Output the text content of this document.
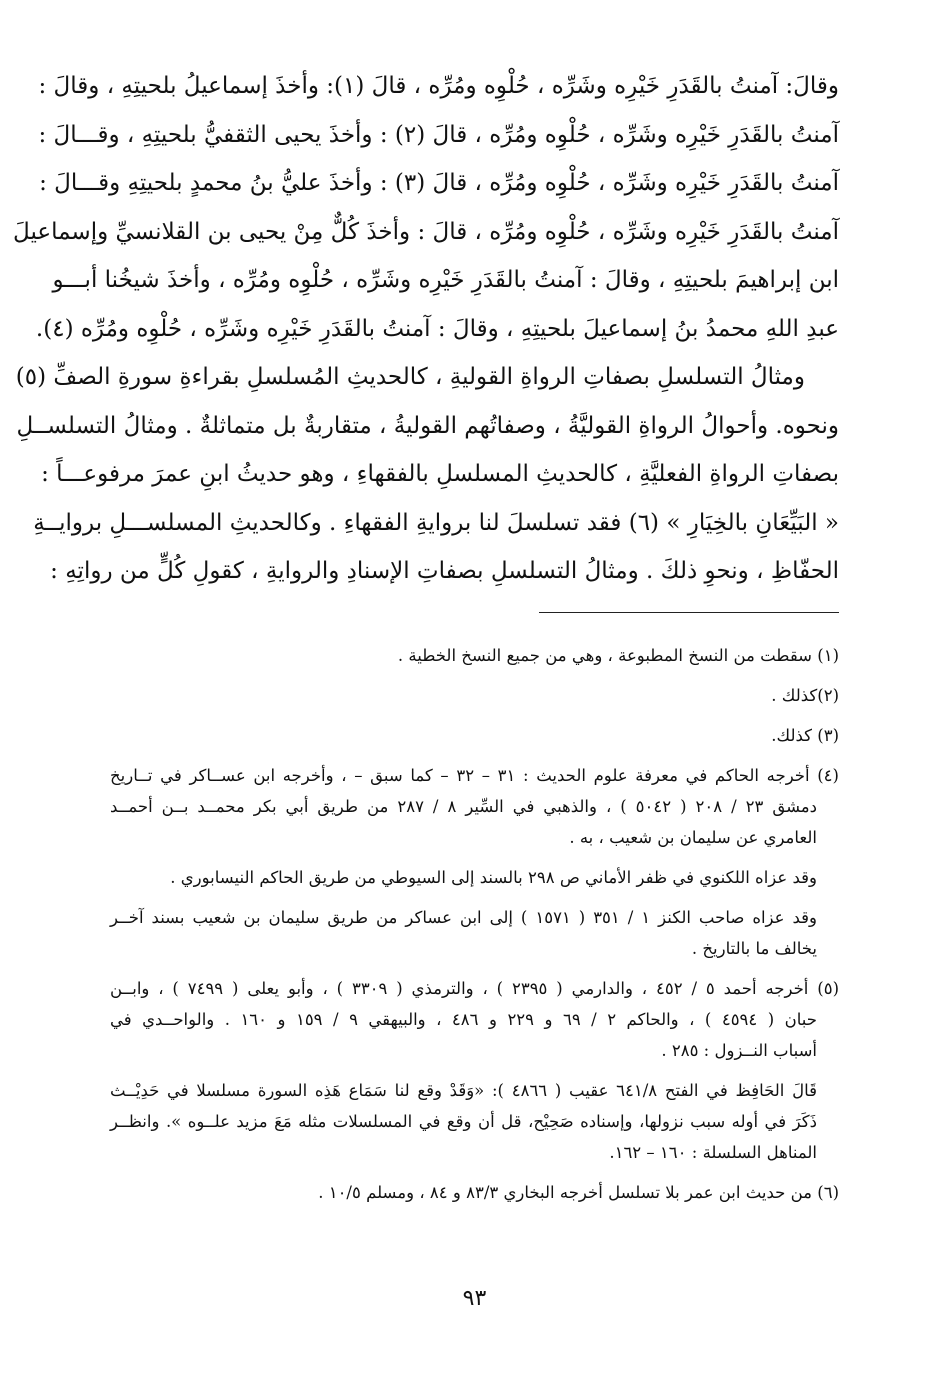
وقالَ: آمنتُ بالقَدَرِ خَيْرِه وشَرِّه ، حُلْوِه ومُرِّه ، قالَ (١): وأخذَ إسماعيلُ بلحيتِهِ ، وقالَ :
آمنتُ بالقَدَرِ خَيْرِه وشَرِّه ، حُلْوِه ومُرِّه ، قالَ (٢) : وأخذَ يحيى الثقفيُّ بلحيتِهِ ، وقـــالَ :
آمنتُ بالقَدَرِ خَيْرِه وشَرِّه ، حُلْوِه ومُرِّه ، قالَ (٣) : وأخذَ عليُّ بنُ محمدٍ بلحيتِهِ وقـــالَ :
آمنتُ بالقَدَرِ خَيْرِه وشَرِّه ، حُلْوِه ومُرِّه ، قالَ : وأخذَ كُلٌّ مِنْ يحيى بن القلانسيِّ وإسماعيلَ
ابن إبراهيمَ بلحيتِهِ ، وقالَ : آمنتُ بالقَدَرِ خَيْرِه وشَرِّه ، حُلْوِه ومُرِّه ، وأخذَ شيخُنا أبـــو
عبدِ اللهِ محمدُ بنُ إسماعيلَ بلحيتِهِ ، وقالَ : آمنتُ بالقَدَرِ خَيْرِه وشَرِّه ، حُلْوِه ومُرِّه (٤).
ومثالُ التسلسلِ بصفاتِ الرواةِ القوليةِ ، كالحديثِ المُسلسلِ بقراءةِ سورةِ الصفِّ (٥)
ونحوه. وأحوالُ الرواةِ القوليَّةُ ، وصفاتُهم القوليةُ ، متقاربةٌ بل متماثلةٌ . ومثالُ التسلســلِ
بصفاتِ الرواةِ الفعليَّةِ ، كالحديثِ المسلسلِ بالفقهاءِ ، وهو حديثُ ابنِ عمرَ مرفوعـــاً :
« البَيِّعَانِ بالخِيَارِ » (٦) فقد تسلسلَ لنا بروايةِ الفقهاءِ . وكالحديثِ المسلســـلِ بروايــةِ
الحفّاظِ ، ونحوِ ذلكَ . ومثالُ التسلسلِ بصفاتِ الإسنادِ والروايةِ ، كقولِ كُلٍّ من رواتِهِ :
(١) سقطت من النسخ المطبوعة ، وهي من جميع النسخ الخطية .
(٢)كذلك .
(٣) كذلك.
(٤) أخرجه الحاكم في معرفة علوم الحديث : ٣١ – ٣٢ – كما سبق – ، وأخرجه ابن عســاكر في تــاريخ
دمشق ٢٣ / ٢٠٨ ( ٥٠٤٢ ) ، والذهبي في السِّير ٨ / ٢٨٧ من طريق أبي بكر محمــد بــن أحمــد
العامري عن سليمان بن شعيب ، به .
وقد عزاه اللكنوي في ظفر الأماني ص ٢٩٨ بالسند إلى السيوطي من طريق الحاكم النيسابوري .
وقد عزاه صاحب الكنز ١ / ٣٥١ ( ١٥٧١ ) إلى ابن عساكر من طريق سليمان بن شعيب بسند آخــر
يخالف ما بالتاريخ .
(٥) أخرجه أحمد ٥ / ٤٥٢ ، والدارمي ( ٢٣٩٥ ) ، والترمذي ( ٣٣٠٩ ) ، وأبو يعلى ( ٧٤٩٩ ) ، وابــن
حبان ( ٤٥٩٤ ) ، والحاكم ٢ / ٦٩ و ٢٢٩ و ٤٨٦ ، والبيهقي ٩ / ١٥٩ و ١٦٠ . والواحــدي في
أسباب النــزول : ٢٨٥ .
قَالَ الحَافِظ في الفتح ٦٤١/٨ عقيب ( ٤٨٦٦ ): «وَقَدْ وقع لنا سَمَاع هَذِه السورة مسلسلا في حَدِيْــث
ذَكَرَ في أوله سبب نزولها، وإسناده صَحِيْح، قل أن وقع في المسلسلات مثله مَعَ مزيد علــوه ». وانظــر
المناهل السلسلة : ١٦٠ – ١٦٢.
(٦) من حديث ابن عمر بلا تسلسل أخرجه البخاري ٨٣/٣ و ٨٤ ، ومسلم ١٠/٥ .
٩٣
